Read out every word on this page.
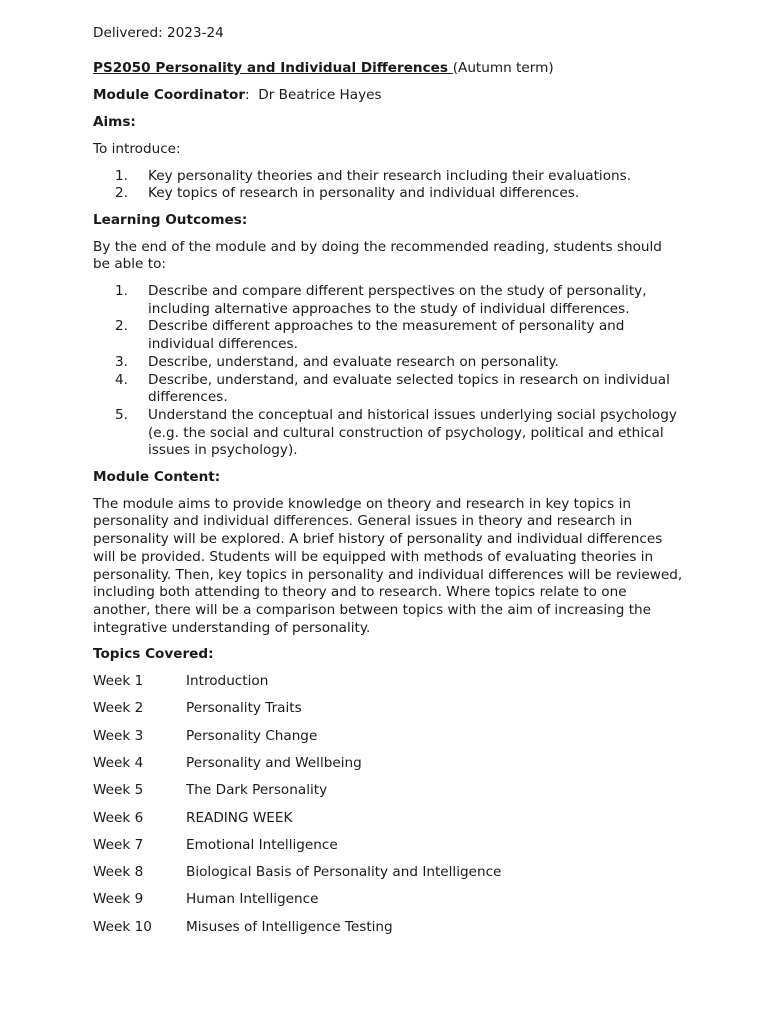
Delivered: 2023-24

PS2050 Personality and Individual Differences (Autumn term)

Module Coordinator:  Dr Beatrice Hayes

Aims:

To introduce:

1.	Key personality theories and their research including their evaluations.
2.	Key topics of research in personality and individual differences.

Learning Outcomes:

By the end of the module and by doing the recommended reading, students should be able to:

1.	Describe and compare different perspectives on the study of personality, including alternative approaches to the study of individual differences.
2.	Describe different approaches to the measurement of personality and individual differences.
3.	Describe, understand, and evaluate research on personality.
4.	Describe, understand, and evaluate selected topics in research on individual differences.
5.	Understand the conceptual and historical issues underlying social psychology (e.g. the social and cultural construction of psychology, political and ethical issues in psychology).

Module Content:

The module aims to provide knowledge on theory and research in key topics in personality and individual differences. General issues in theory and research in personality will be explored. A brief history of personality and individual differences will be provided. Students will be equipped with methods of evaluating theories in personality. Then, key topics in personality and individual differences will be reviewed, including both attending to theory and to research. Where topics relate to one another, there will be a comparison between topics with the aim of increasing the integrative understanding of personality.

Topics Covered:

Week 1	Introduction
Week 2	Personality Traits
Week 3	Personality Change
Week 4	Personality and Wellbeing
Week 5	The Dark Personality
Week 6	READING WEEK
Week 7	Emotional Intelligence
Week 8	Biological Basis of Personality and Intelligence
Week 9	Human Intelligence
Week 10	Misuses of Intelligence Testing
